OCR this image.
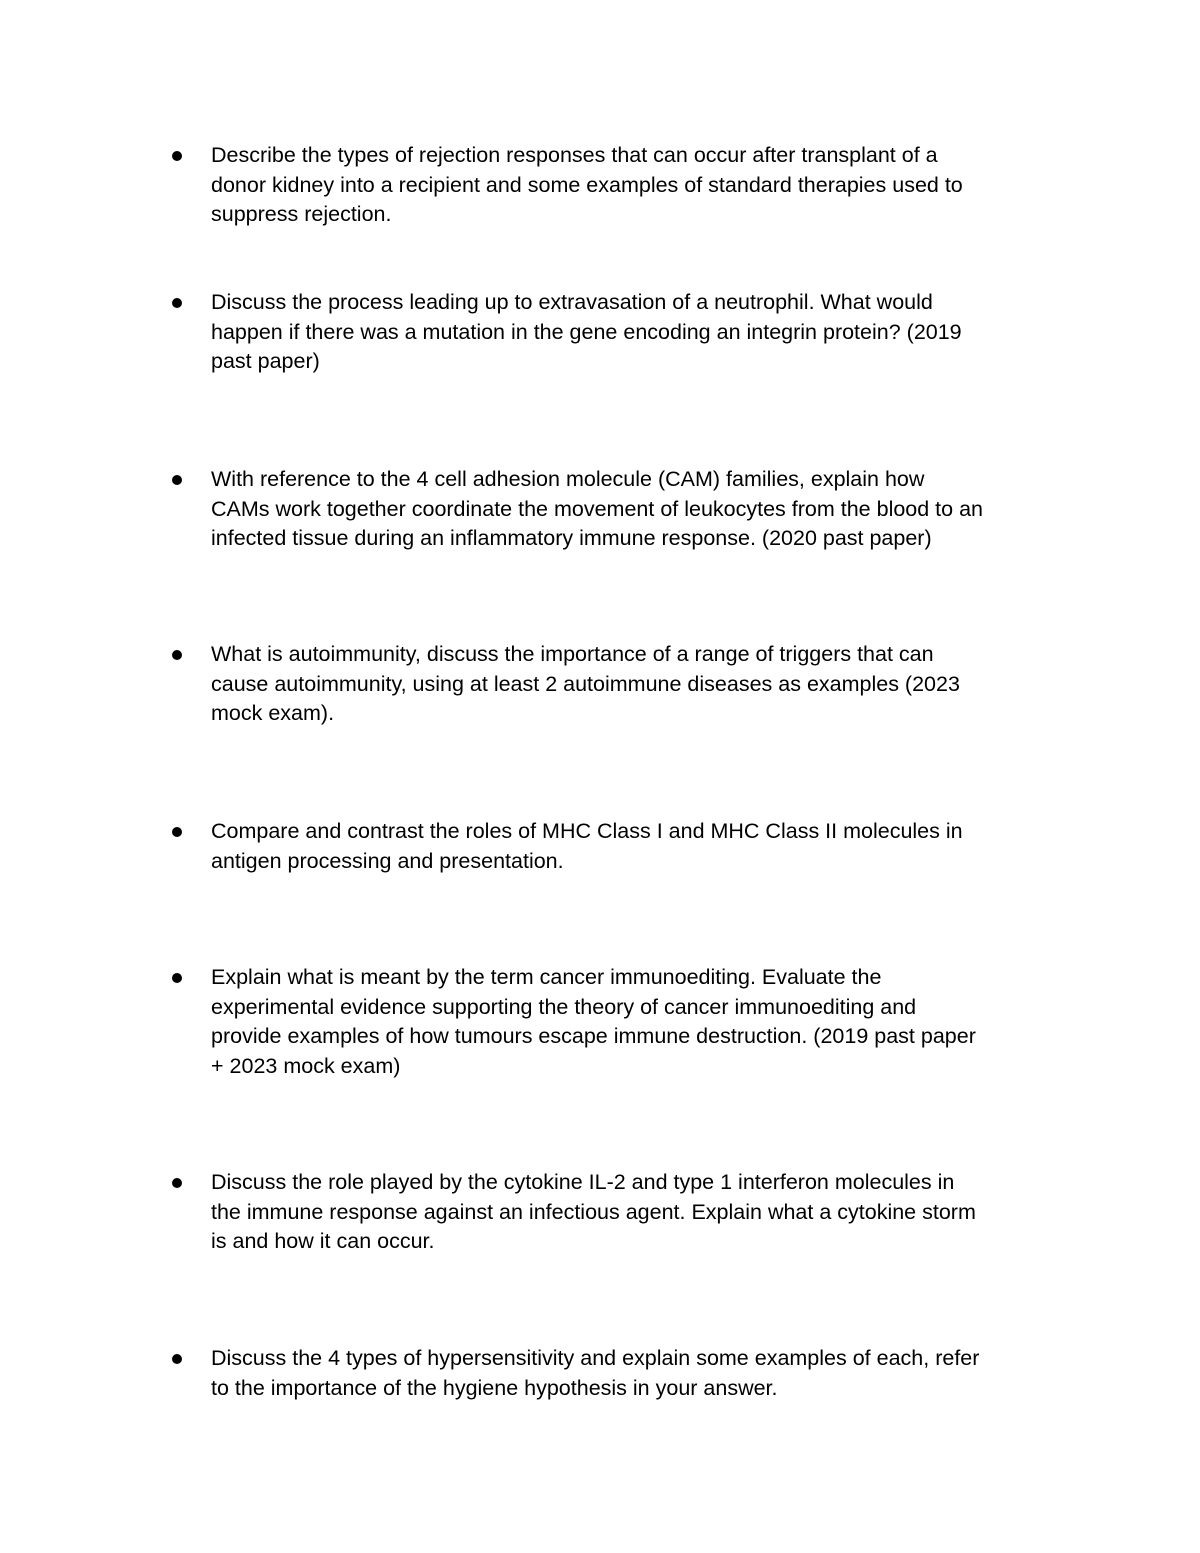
Describe the types of rejection responses that can occur after transplant of a
donor kidney into a recipient and some examples of standard therapies used to
suppress rejection.
Discuss the process leading up to extravasation of a neutrophil. What would
happen if there was a mutation in the gene encoding an integrin protein? (2019
past paper)
With reference to the 4 cell adhesion molecule (CAM) families, explain how
CAMs work together coordinate the movement of leukocytes from the blood to an
infected tissue during an inflammatory immune response. (2020 past paper)
What is autoimmunity, discuss the importance of a range of triggers that can
cause autoimmunity, using at least 2 autoimmune diseases as examples (2023
mock exam).
Compare and contrast the roles of MHC Class I and MHC Class II molecules in
antigen processing and presentation.
Explain what is meant by the term cancer immunoediting. Evaluate the
experimental evidence supporting the theory of cancer immunoediting and
provide examples of how tumours escape immune destruction. (2019 past paper
+ 2023 mock exam)
Discuss the role played by the cytokine IL-2 and type 1 interferon molecules in
the immune response against an infectious agent. Explain what a cytokine storm
is and how it can occur.
Discuss the 4 types of hypersensitivity and explain some examples of each, refer
to the importance of the hygiene hypothesis in your answer.
